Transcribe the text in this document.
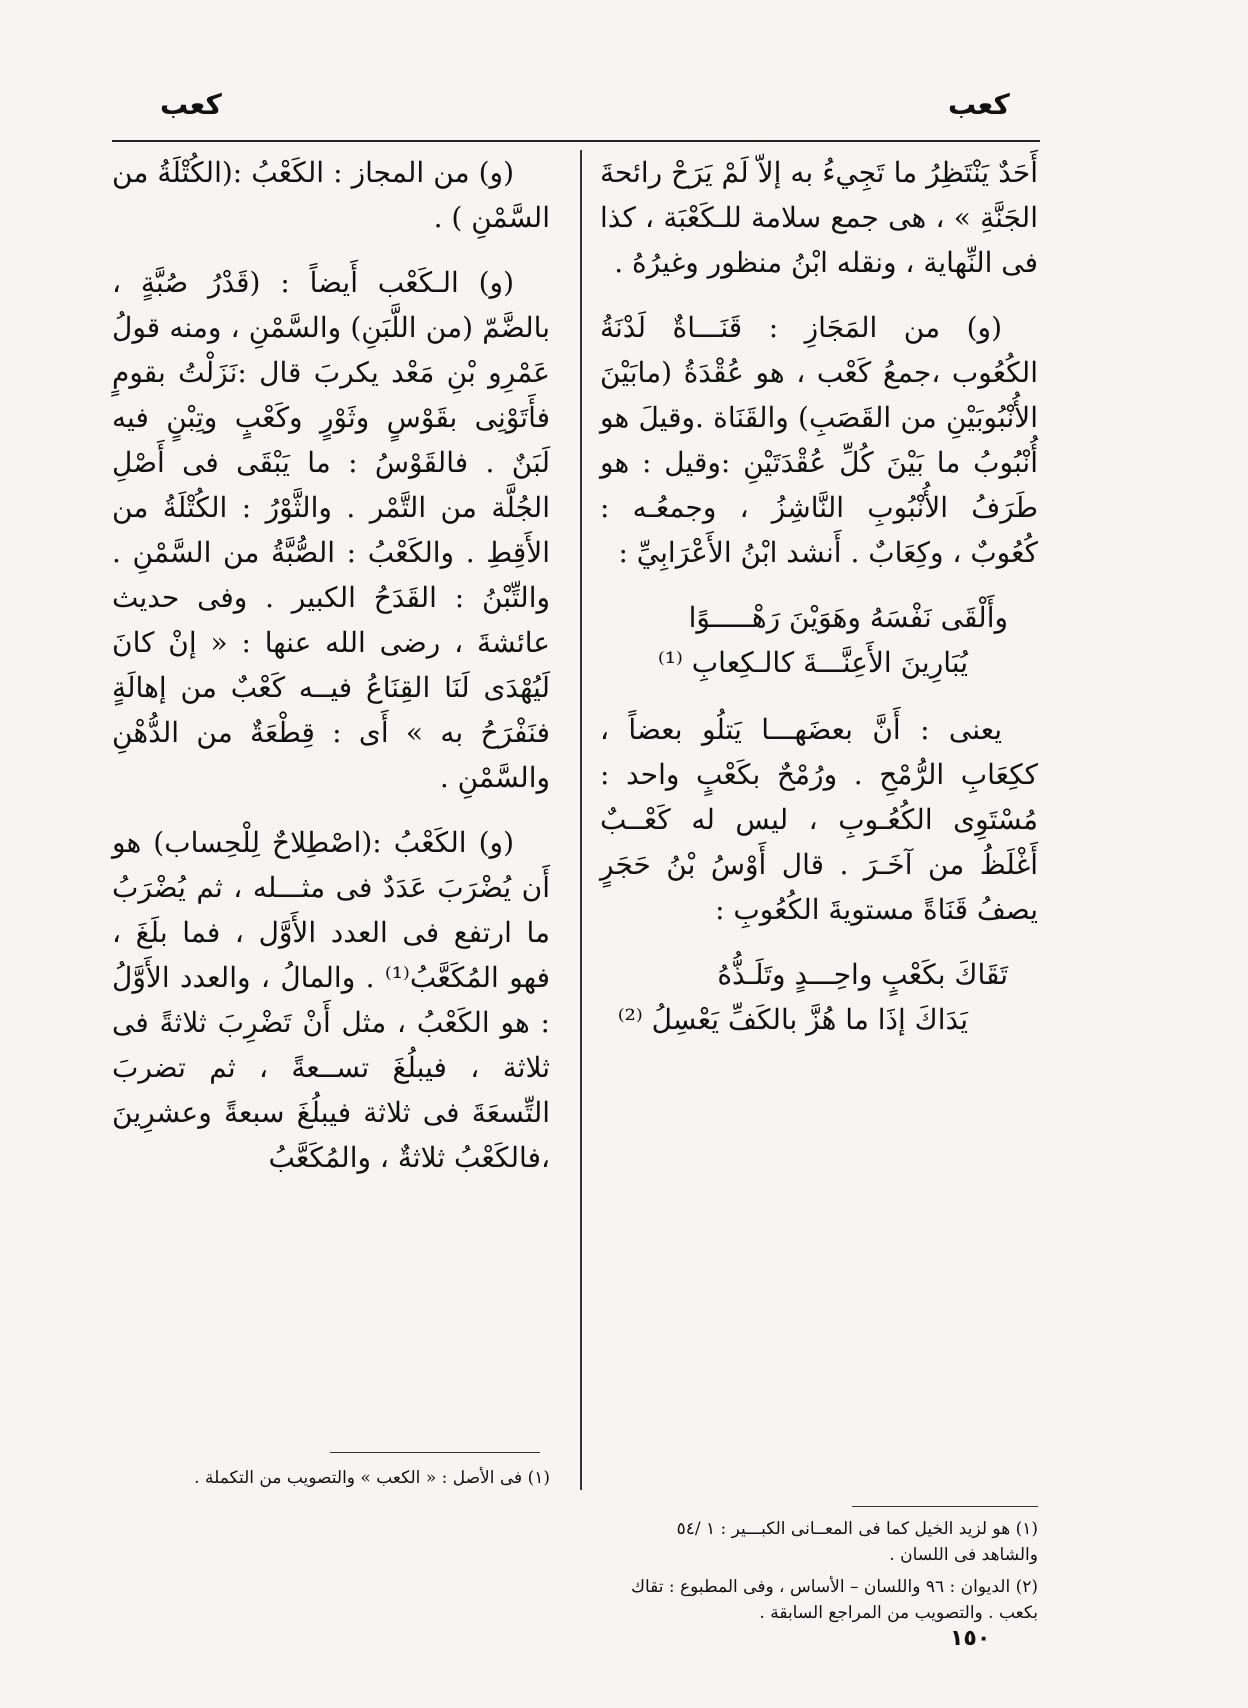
كعب
كعب

أَحَدٌ يَنْتَظِرُ ما تَجِيءُ به إلاّ لَمْ يَرَحْ رائحةَ الجَنَّةِ » ، هى جمع سلامة للـكَعْبَة ، كذا فى النِّهاية ، ونقله ابْنُ منظور وغيرُهُ .

(و) من المَجَازِ : قَنَـــاةٌ لَدْنَةُ الكُعُوب ،جمعُ كَعْب ، هو عُقْدَةُ (مابَيْنَ الأُنْبُوبَيْنِ من القَصَبِ) والقَنَاة .وقيلَ هو أُنْبُوبُ ما بَيْنَ كُلِّ عُقْدَتَيْنِ :وقيل : هو طَرَفُ الأُنْبُوبِ النَّاشِزُ ، وجمعُـه : كُعُوبٌ ، وكِعَابٌ . أَنشد ابْنُ الأَعْرَابِيِّ :

وأَلْقَى نَفْسَهُ وهَوَيْنَ رَهْـــــوًا
يُبَارِينَ الأَعِنَّـــةَ كالـكِعابِ ⁽¹⁾

يعنى : أَنَّ بعضَهـــا يَتلُو بعضاً ، ككِعَابِ الرُّمْحِ . ورُمْحٌ بكَعْبٍ واحد : مُسْتَوِى الكُعُـوبِ ، ليس له كَعْــبٌ أَغْلَظُ من آخَـرَ . قال أَوْسُ بْنُ حَجَرٍ يصفُ قَنَاةً مستويةَ الكُعُوبِ :

تَقَاكَ بكَعْبٍ واحِـــدٍ وتَلَـذُّهُ
يَدَاكَ إذَا ما هُزَّ بالكَفِّ يَعْسِلُ ⁽²⁾

(و) من المجاز : الكَعْبُ :(الكُتْلَةُ من السَّمْنِ ) .

(و) الـكَعْب أَيضاً : (قَدْرُ صُبَّةٍ ، بالضَّمّ (من اللَّبَنِ) والسَّمْنِ ، ومنه قولُ عَمْرِو بْنِ مَعْد يكربَ قال :نَزَلْتُ بقومٍ فأَتَوْنِى بقَوْسٍ وثَوْرٍ وكَعْبٍ وتِبْنٍ فيه لَبَنٌ . فالقَوْسُ : ما يَبْقَى فى أَصْلِ الجُلَّة من التَّمْر . والثَّوْرُ : الكُتْلَةُ من الأَقِطِ . والكَعْبُ : الصُّبَّةُ من السَّمْنِ . والتِّبْنُ : القَدَحُ الكبير . وفى حديث عائشةَ ، رضى الله عنها : « إنْ كانَ لَيُهْدَى لَنَا القِنَاعُ فيــه كَعْبٌ من إهالَةٍ فنَفْرَحُ به » أَى : قِطْعَةٌ من الدُّهْنِ والسَّمْنِ .

(و) الكَعْبُ :(اصْطِلاحٌ لِلْحِساب) هو أَن يُضْرَبَ عَدَدٌ فى مثـــله ، ثم يُضْرَبُ ما ارتفع فى العدد الأَوَّل ، فما بلَغَ ، فهو المُكَعَّبُ⁽¹⁾ . والمالُ ، والعدد الأَوَّلُ : هو الكَعْبُ ، مثل أَنْ تَضْرِبَ ثلاثةً فى ثلاثة ، فيبلُغَ تســعةً ، ثم تضربَ التِّسعَةَ فى ثلاثة فيبلُغَ سبعةً وعشرِينَ ،فالكَعْبُ ثلاثةٌ ، والمُكَعَّبُ

(١) هو لزيد الخيل كما فى المعــانى الكبـــير : ١ /٥٤ والشاهد فى اللسان .

(٢) الديوان : ٩٦ واللسان – الأساس ، وفى المطبوع : تقاك بكعب . والتصويب من المراجع السابقة .

(١) فى الأصل : « الكعب » والتصويب من التكملة .

١٥٠
